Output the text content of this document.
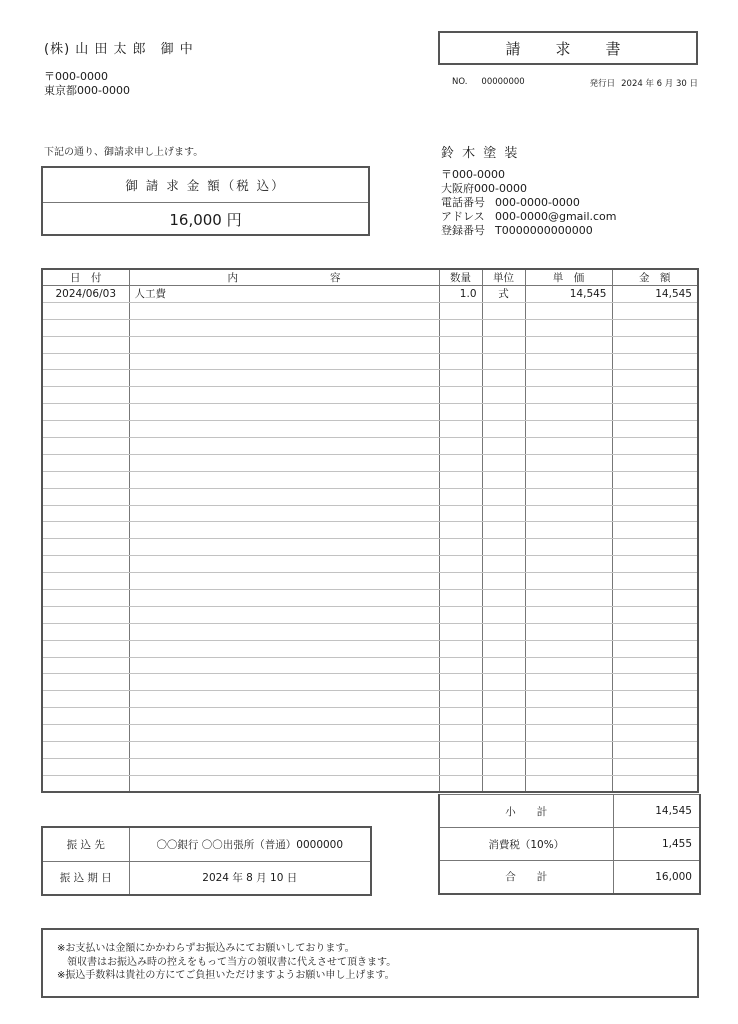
(株) 山 田 太 郎　御 中
〒000-0000
東京都000-0000
請　求　書
NO. 00000000	発行日 2024 年 6 月 30 日
下記の通り、御請求申し上げます。
御 請 求 金 額（税 込）
16,000 円
鈴 木 塗 装
〒000-0000
大阪府000-0000
電話番号 000-0000-0000
アドレス 000-0000@gmail.com
登録番号 T0000000000000
日　付	内 容	数量	単位	単　価	金　額
2024/06/03	人工費	1.0	式	14,545	14,545

小　　計	14,545
消費税（10%）	1,455
合　　計	16,000
振 込 先	〇〇銀行 〇〇出張所（普通）0000000
振 込 期 日	2024 年 8 月 10 日
※お支払いは金額にかかわらずお振込みにてお願いしております。
　領収書はお振込み時の控えをもって当方の領収書に代えさせて頂きます。
※振込手数料は貴社の方にてご負担いただけますようお願い申し上げます。
